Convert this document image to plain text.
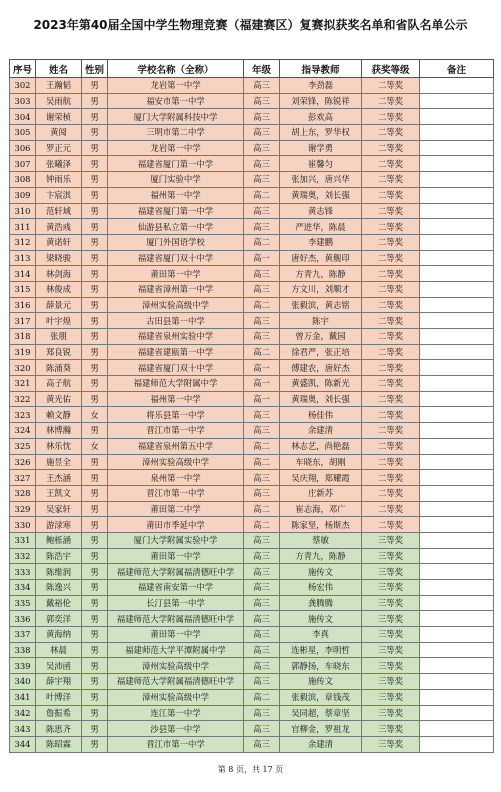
2023年第40届全国中学生物理竞赛（福建赛区）复赛拟获奖名单和省队名单公示
序号	姓名	性别	学校名称（全称）	年级	指导教师	获奖等级	备注
302	王瀚韬	男	龙岩第一中学	高三	李劲磊	二等奖	
303	吴雨航	男	福安市第一中学	高三	刘荣锋，陈锐祥	二等奖	
304	谢荣桢	男	厦门大学附属科技中学	高三	彭欢高	二等奖	
305	黄阅	男	三明市第二中学	高三	胡上东，罗华权	二等奖	
306	罗正元	男	龙岩第一中学	高三	谢学勇	二等奖	
307	张曦泽	男	福建省厦门第一中学	高三	崔馨匀	二等奖	
308	钟雨乐	男	厦门实验中学	高三	张加兴，唐兴华	二等奖	
309	卞宸淇	男	福州第一中学	高二	黄瑞奥，刘长强	二等奖	
310	范轩域	男	福建省厦门第一中学	高三	黄志锋	二等奖	
311	黄浩彧	男	仙游县私立第一中学	高三	严进华，陈晨	二等奖	
312	黄诺轩	男	厦门外国语学校	高二	李建鹏	二等奖	
313	梁晓骏	男	福建省厦门双十中学	高一	唐好杰，黄舰印	二等奖	
314	林剑海	男	莆田第一中学	高三	方青九，陈静	二等奖	
315	林俊成	男	福建省漳州第一中学	高三	方文川，刘顺才	二等奖	
316	薛景元	男	漳州实验高级中学	高二	张毅滨，黄志铭	二等奖	
317	叶宇煌	男	古田县第一中学	高三	陈宇	二等奖	
318	张朋	男	福建省泉州实验中学	高三	曾万金，戴园	二等奖	
319	郑良锐	男	福建省建瓯第一中学	高二	徐君严，张正培	二等奖	
320	陈涌葵	男	福建省厦门双十中学	高一	傅建农，唐好杰	二等奖	
321	高子航	男	福建师范大学附属中学	高一	黄盛凯，陈新光	二等奖	
322	黄光佑	男	福州第一中学	高一	黄瑞奥，刘长强	二等奖	
323	赖文静	女	将乐县第一中学	高三	杨佳伟	二等奖	
324	林博瀚	男	晋江市第一中学	高三	余建清	二等奖	
325	林乐忱	女	福建省泉州第五中学	高二	林志艺，尚艳磊	二等奖	
326	施昱全	男	漳州实验高级中学	高二	车晓东，胡刚	二等奖	
327	王杰涵	男	泉州第一中学	高三	吴庆翔，郑耀霞	二等奖	
328	王凯文	男	晋江市第一中学	高三	庄新苏	二等奖	
329	吴家轩	男	莆田第二中学	高二	崔志海，邓广	二等奖	
330	游渌寒	男	莆田市季延中学	高二	陈家坚，杨斯杰	二等奖	
331	鲍栎涵	男	厦门大学附属实验中学	高三	蔡敏	三等奖	
332	陈浩宇	男	莆田第一中学	高三	方青九，陈静	三等奖	
333	陈维润	男	福建师范大学附属福清德旺中学	高三	施传文	三等奖	
334	陈逸兴	男	福建省南安第一中学	高三	杨宏伟	三等奖	
335	戴裕伦	男	长汀县第一中学	高三	龚腾腾	三等奖	
336	郭奕洋	男	福建师范大学附属福清德旺中学	高三	施传文	三等奖	
337	黄海纳	男	莆田第一中学	高三	李真	三等奖	
338	林晨	男	福建师范大学平潭附属中学	高三	连彬星，李明哲	三等奖	
339	吴沛函	男	漳州实验高级中学	高三	郭静扬，车晓东	三等奖	
340	薛宇翔	男	福建师范大学附属福清德旺中学	高三	施传文	三等奖	
341	叶博洋	男	漳州实验高级中学	高二	张毅滨，章钱茂	三等奖	
342	詹振希	男	连江第一中学	高三	吴同超，蔡章坚	三等奖	
343	陈思齐	男	沙县第一中学	高三	官柳金，罗祖龙	三等奖	
344	陈昭霖	男	晋江市第一中学	高三	余建清	三等奖	
第 8 页，共 17 页
